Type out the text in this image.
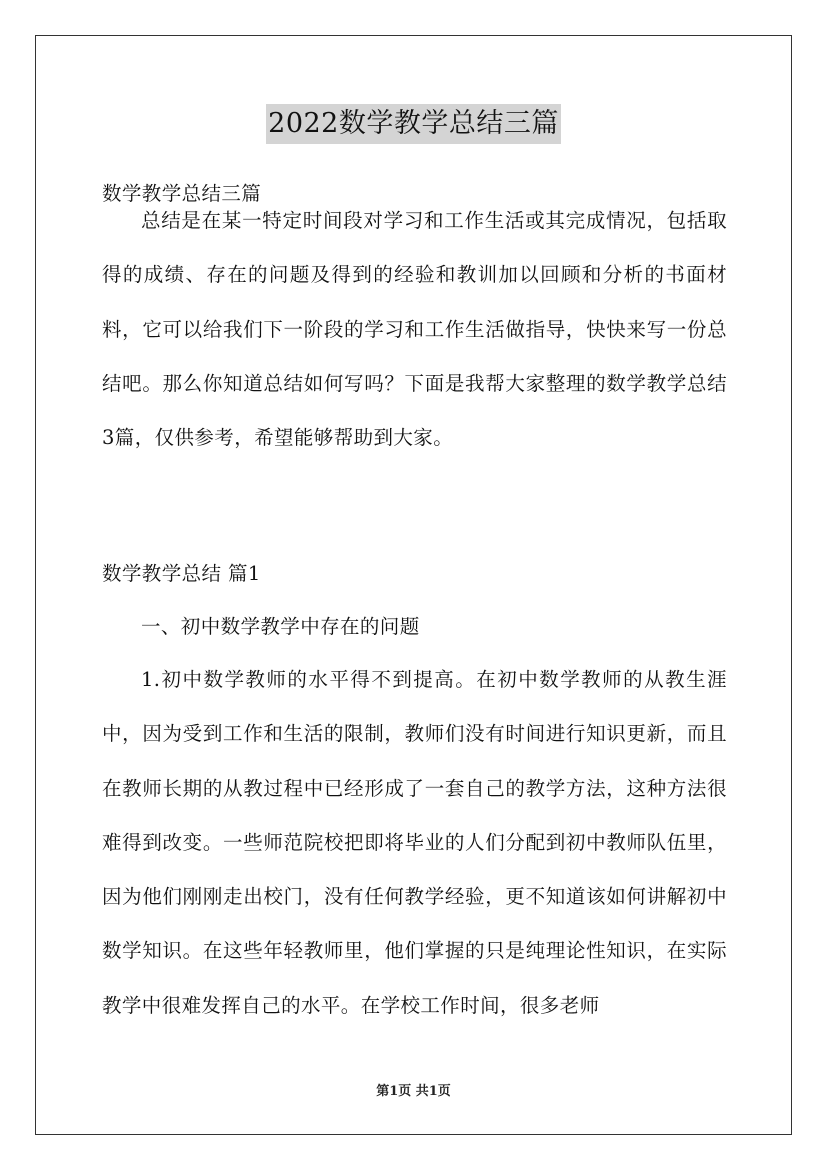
2022数学教学总结三篇
数学教学总结三篇

总结是在某一特定时间段对学习和工作生活或其完成情况，包括取得的成绩、存在的问题及得到的经验和教训加以回顾和分析的书面材料，它可以给我们下一阶段的学习和工作生活做指导，快快来写一份总结吧。那么你知道总结如何写吗？下面是我帮大家整理的数学教学总结3篇，仅供参考，希望能够帮助到大家。

数学教学总结 篇1
一、初中数学教学中存在的问题

1.初中数学教师的水平得不到提高。在初中数学教师的从教生涯中，因为受到工作和生活的限制，教师们没有时间进行知识更新，而且在教师长期的从教过程中已经形成了一套自己的教学方法，这种方法很难得到改变。一些师范院校把即将毕业的人们分配到初中教师队伍里，因为他们刚刚走出校门，没有任何教学经验，更不知道该如何讲解初中数学知识。在这些年轻教师里，他们掌握的只是纯理论性知识，在实际教学中很难发挥自己的水平。在学校工作时间，很多老师

第1页 共1页
